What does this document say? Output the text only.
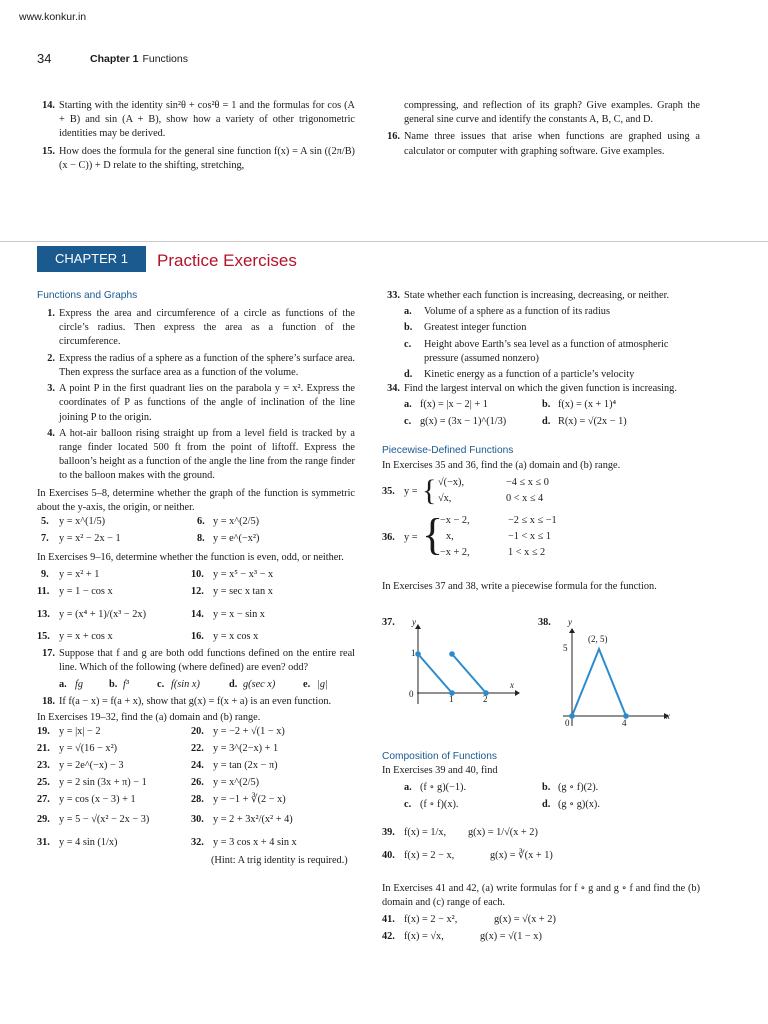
www.konkur.in
34	Chapter 1 Functions
14. Starting with the identity sin²θ + cos²θ = 1 and the formulas for cos (A + B) and sin (A + B), show how a variety of other trigonometric identities may be derived.

15. How does the formula for the general sine function f(x) = A sin ((2π/B)(x − C)) + D relate to the shifting, stretching,

compressing, and reflection of its graph? Give examples. Graph the general sine curve and identify the constants A, B, C, and D.

16. Name three issues that arise when functions are graphed using a calculator or computer with graphing software. Give examples.

CHAPTER 1	Practice Exercises
Functions and Graphs
1. Express the area and circumference of a circle as functions of the circle’s radius. Then express the area as a function of the circumference.

2. Express the radius of a sphere as a function of the sphere’s surface area. Then express the surface area as a function of the volume.

3. A point P in the first quadrant lies on the parabola y = x². Express the coordinates of P as functions of the angle of inclination of the line joining P to the origin.

4. A hot-air balloon rising straight up from a level field is tracked by a range finder located 500 ft from the point of liftoff. Express the balloon’s height as a function of the angle the line from the range finder to the balloon makes with the ground.

In Exercises 5–8, determine whether the graph of the function is symmetric about the y-axis, the origin, or neither.

5. y = x^(1/5)	6. y = x^(2/5)
7. y = x² − 2x − 1	8. y = e^(−x²)

In Exercises 9–16, determine whether the function is even, odd, or neither.

9. y = x² + 1	10. y = x⁵ − x³ − x
11. y = 1 − cos x	12. y = sec x tan x
13. y = (x⁴ + 1)/(x³ − 2x)	14. y = x − sin x
15. y = x + cos x	16. y = x cos x
17. Suppose that f and g are both odd functions defined on the entire real line. Which of the following (where defined) are even? odd?

a. fg	b. f³	c. f(sin x)	d. g(sec x)	e. |g|
18. If f(a − x) = f(a + x), show that g(x) = f(x + a) is an even function.

In Exercises 19–32, find the (a) domain and (b) range.

19. y = |x| − 2	20. y = −2 + √(1 − x)
21. y = √(16 − x²)	22. y = 3^(2−x) + 1
23. y = 2e^(−x) − 3	24. y = tan (2x − π)
25. y = 2 sin (3x + π) − 1	26. y = x^(2/5)
27. y = cos (x − 3) + 1	28. y = −1 + ∛(2 − x)
29. y = 5 − √(x² − 2x − 3)	30. y = 2 + 3x²/(x² + 4)
31. y = 4 sin (1/x)	32. y = 3 cos x + 4 sin x
(Hint: A trig identity is required.)
33. State whether each function is increasing, decreasing, or neither.

a. Volume of a sphere as a function of its radius

b. Greatest integer function

c. Height above Earth’s sea level as a function of atmospheric pressure (assumed nonzero)

d. Kinetic energy as a function of a particle’s velocity

34. Find the largest interval on which the given function is increasing.

a. f(x) = |x − 2| + 1	b. f(x) = (x + 1)⁴
c. g(x) = (3x − 1)^(1/3)	d. R(x) = √(2x − 1)
Piecewise-Defined Functions

In Exercises 35 and 36, find the (a) domain and (b) range.

35. y = { √(−x),	−4 ≤ x ≤ 0
√x,	0 < x ≤ 4
36. y = {
−x − 2,	−2 ≤ x ≤ −1
x,	−1 < x ≤ 1
−x + 2,	1 < x ≤ 2

In Exercises 37 and 38, write a piecewise formula for the function.

37. y
x
0
1
1	2
38. y
x
0
5
4
(2, 5)
Composition of Functions

In Exercises 39 and 40, find

a. (f ∘ g)(−1).	b. (g ∘ f)(2).
c. (f ∘ f)(x).	d. (g ∘ g)(x).
39. f(x) = 1/x, g(x) = 1/√(x + 2)
40. f(x) = 2 − x,	g(x) = ∛(x + 1)

In Exercises 41 and 42, (a) write formulas for f ∘ g and g ∘ f and find the (b) domain and (c) range of each.

41. f(x) = 2 − x²,	g(x) = √(x + 2)
42. f(x) = √x,	g(x) = √(1 − x)
